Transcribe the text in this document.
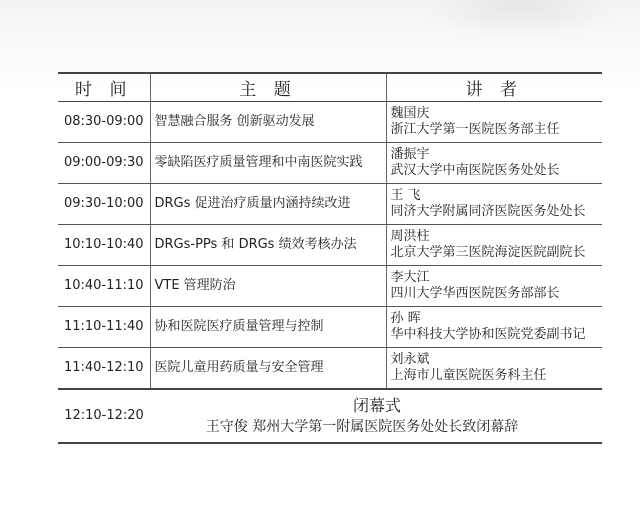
时 间	主 题	讲 者
08:30-09:00	智慧融合服务 创新驱动发展	魏国庆
浙江大学第一医院医务部主任

09:00-09:30	零缺陷医疗质量管理和中南医院实践	潘振宇
武汉大学中南医院医务处处长

09:30-10:00	DRGs 促进治疗质量内涵持续改进	王 飞
同济大学附属同济医院医务处处长

10:10-10:40	DRGs-PPs 和 DRGs 绩效考核办法	周洪柱
北京大学第三医院海淀医院副院长

10:40-11:10	VTE 管理防治	李大江
四川大学华西医院医务部部长

11:10-11:40	协和医院医疗质量管理与控制	孙 晖
华中科技大学协和医院党委副书记

11:40-12:10	医院儿童用药质量与安全管理	刘永斌
上海市儿童医院医务科主任

12:10-12:20	闭幕式
王守俊 郑州大学第一附属医院医务处处长致闭幕辞	
